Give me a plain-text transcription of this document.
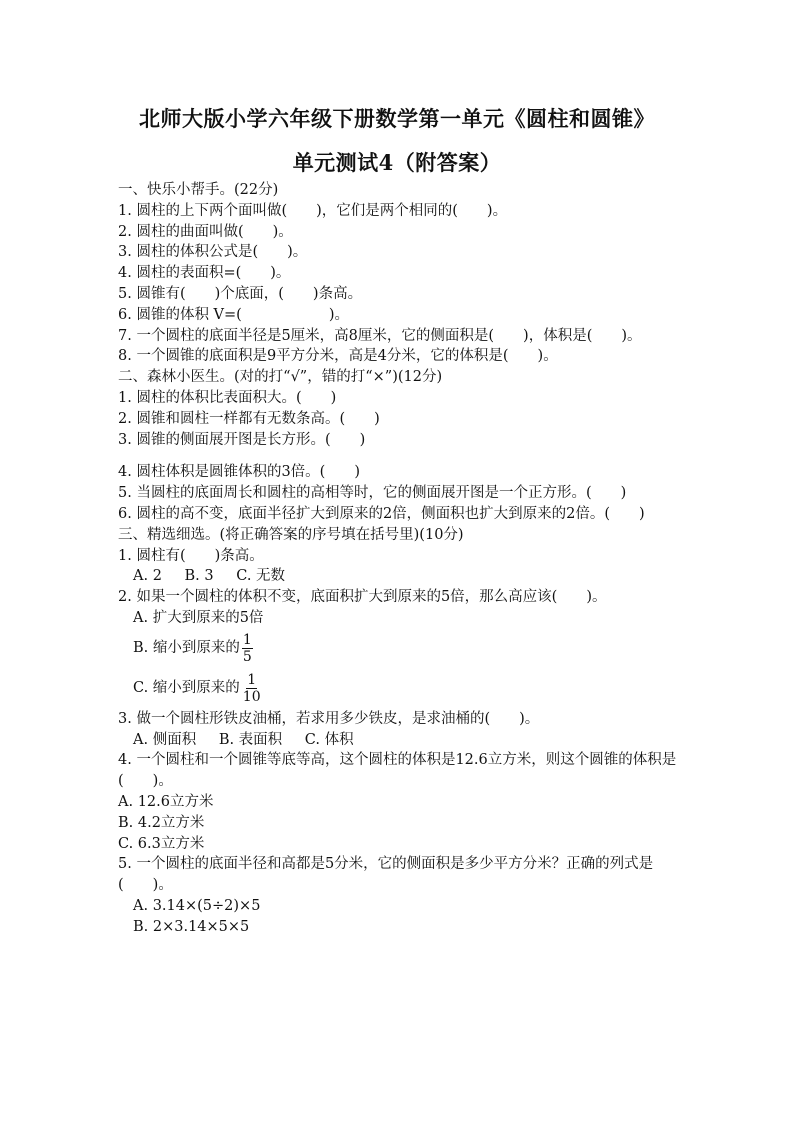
北师大版小学六年级下册数学第一单元《圆柱和圆锥》
单元测试4（附答案）
一、快乐小帮手。(22分)
1. 圆柱的上下两个面叫做(　　)，它们是两个相同的(　　)。
2. 圆柱的曲面叫做(　　)。
3. 圆柱的体积公式是(　　)。
4. 圆柱的表面积=(　　)。
5. 圆锥有(　　)个底面，(　　)条高。
6. 圆锥的体积 V=(　　　　　　)。
7. 一个圆柱的底面半径是5厘米，高8厘米，它的侧面积是(　　)，体积是(　　)。
8. 一个圆锥的底面积是9平方分米，高是4分米，它的体积是(　　)。
二、森林小医生。(对的打“√”，错的打“×”)(12分)
1. 圆柱的体积比表面积大。(　　)
2. 圆锥和圆柱一样都有无数条高。(　　)
3. 圆锥的侧面展开图是长方形。(　　)
4. 圆柱体积是圆锥体积的3倍。(　　)
5. 当圆柱的底面周长和圆柱的高相等时，它的侧面展开图是一个正方形。(　　)
6. 圆柱的高不变，底面半径扩大到原来的2倍，侧面积也扩大到原来的2倍。(　　)
三、精选细选。(将正确答案的序号填在括号里)(10分)
1. 圆柱有(　　)条高。
A. 2 B. 3 C. 无数
2. 如果一个圆柱的体积不变，底面积扩大到原来的5倍，那么高应该(　　)。
A. 扩大到原来的5倍
B. 缩小到原来的 $\frac{1}{5}$
C. 缩小到原来的 $\frac{1}{10}$
3. 做一个圆柱形铁皮油桶，若求用多少铁皮，是求油桶的(　　)。
A. 侧面积 B. 表面积 C. 体积
4. 一个圆柱和一个圆锥等底等高，这个圆柱的体积是12.6立方米，则这个圆锥的体积是(　　)。
A. 12.6立方米
B. 4.2立方米
C. 6.3立方米
5. 一个圆柱的底面半径和高都是5分米，它的侧面积是多少平方分米？正确的列式是(　　)。
A. 3.14×(5÷2)×5
B. 2×3.14×5×5
